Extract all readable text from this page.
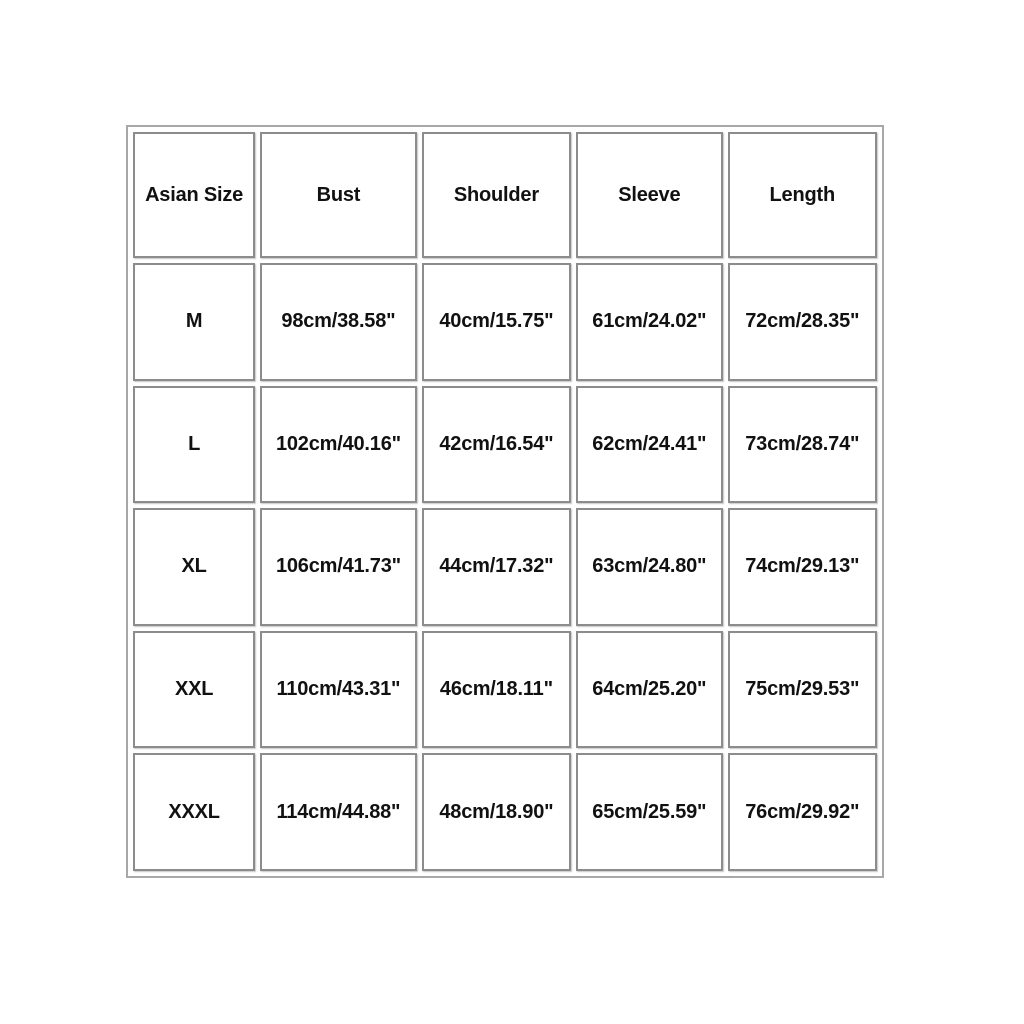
Asian Size	Bust	Shoulder	Sleeve	Length
M	98cm/38.58"	40cm/15.75"	61cm/24.02"	72cm/28.35"
L	102cm/40.16"	42cm/16.54"	62cm/24.41"	73cm/28.74"
XL	106cm/41.73"	44cm/17.32"	63cm/24.80"	74cm/29.13"
XXL	110cm/43.31"	46cm/18.11"	64cm/25.20"	75cm/29.53"
XXXL	114cm/44.88"	48cm/18.90"	65cm/25.59"	76cm/29.92"
